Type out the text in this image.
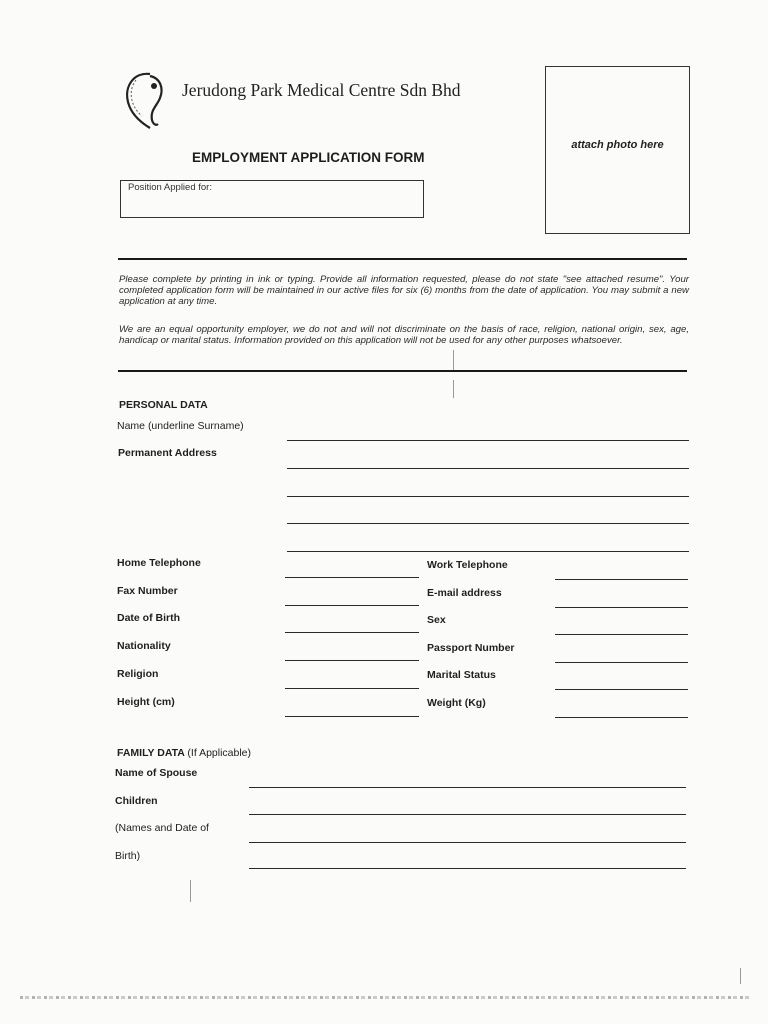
Jerudong Park Medical Centre Sdn Bhd
EMPLOYMENT APPLICATION FORM
Position Applied for:
attach photo here
Please complete by printing in ink or typing. Provide all information requested, please do not state "see attached resume". Your completed application form will be maintained in our active files for six (6) months from the date of application. You may submit a new application at any time.
We are an equal opportunity employer, we do not and will not discriminate on the basis of race, religion, national origin, sex, age, handicap or marital status. Information provided on this application will not be used for any other purposes whatsoever.
PERSONAL DATA
Name (underline Surname)
Permanent Address
Home Telephone
Fax Number
Date of Birth
Nationality
Religion
Height (cm)
Work Telephone
E-mail address
Sex
Passport Number
Marital Status
Weight (Kg)
FAMILY DATA (If Applicable)
Name of Spouse
Children
(Names and Date of
Birth)
